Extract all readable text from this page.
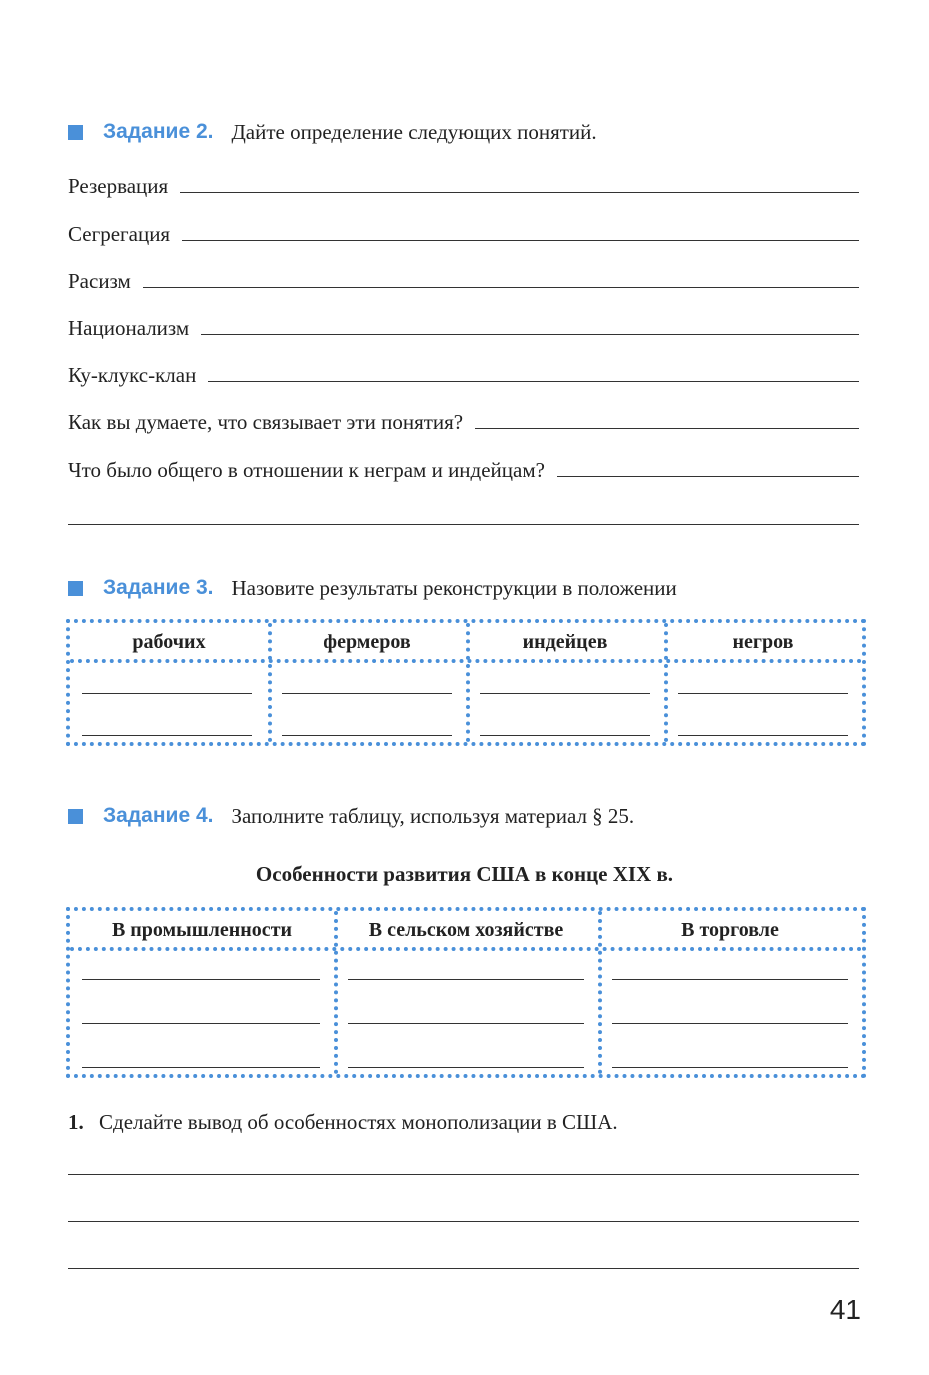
Задание 2. Дайте определение следующих понятий.
Резервация
Сегрегация
Расизм
Национализм
Ку-клукс-клан
Как вы думаете, что связывает эти понятия?
Что было общего в отношении к неграм и индейцам?
Задание 3. Назовите результаты реконструкции в положении
рабочих	фермеров	индейцев	негров
Задание 4. Заполните таблицу, используя материал § 25.
Особенности развития США в конце XIX в.
В промышленности	В сельском хозяйстве	В торговле
1. Сделайте вывод об особенностях монополизации в США.
41
